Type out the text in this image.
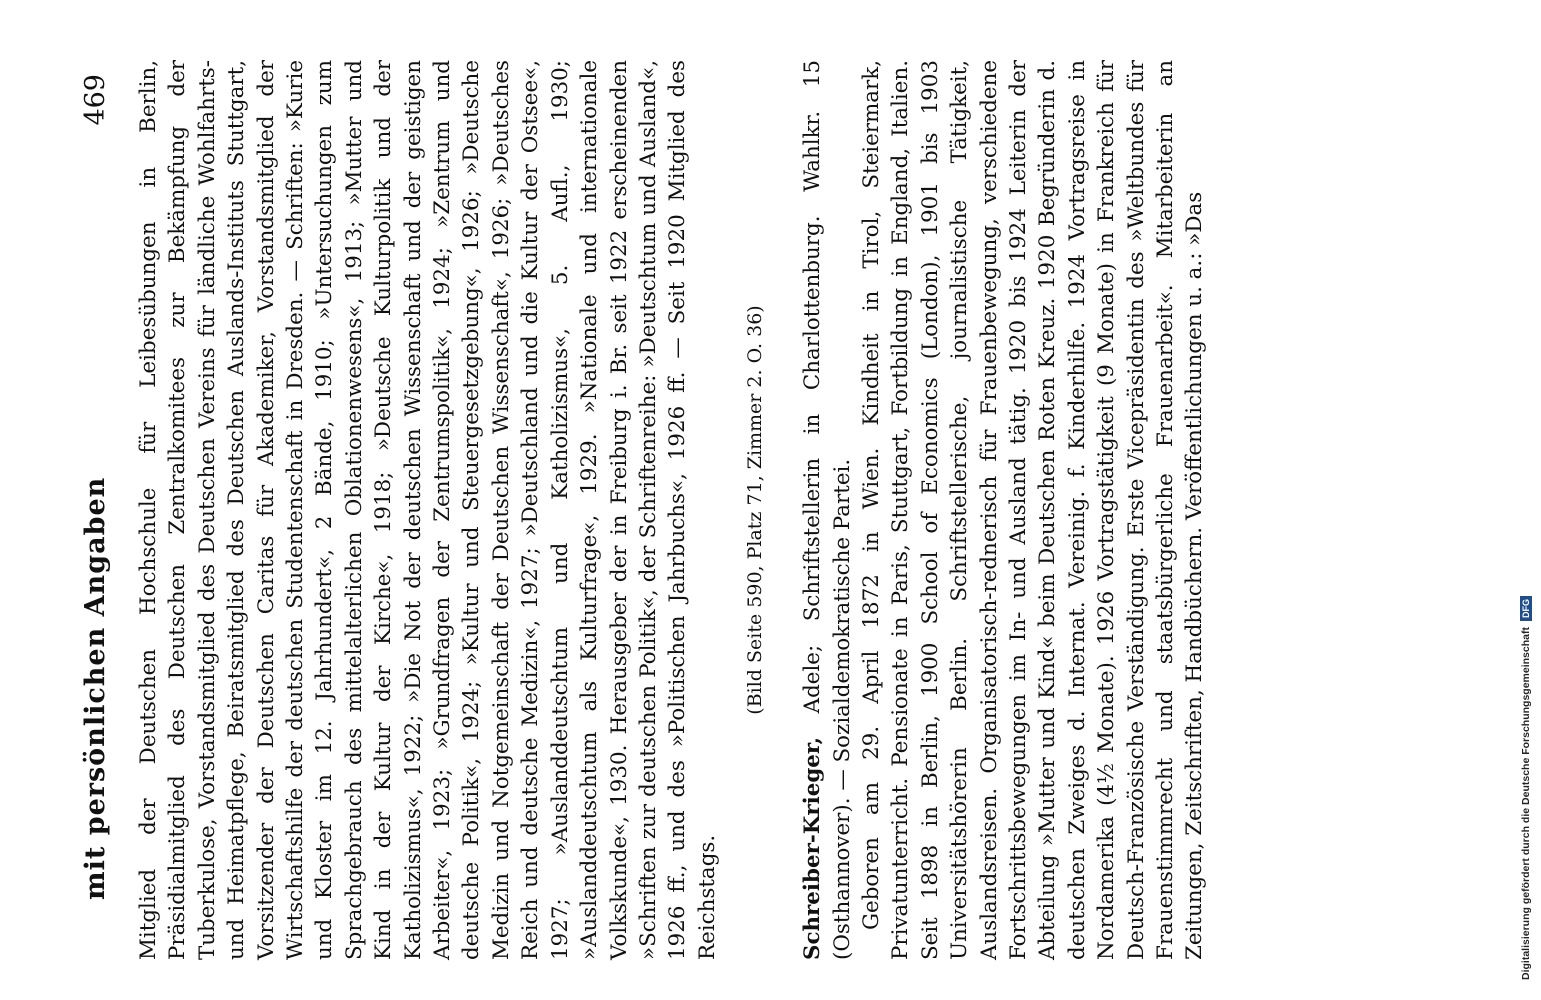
mit persönlichen Angaben
469 Mitglied der Deutschen Hochschule für Leibesübungen in Berlin, Präsidialmitglied des Deutschen Zentralkomitees zur Bekämpfung der Tuberkulose, Vorstandsmitglied des Deutschen Vereins für ländliche Wohlfahrts- und Heimatpflege, Beiratsmitglied des Deutschen Auslands-Instituts Stuttgart, Vorsitzender der Deutschen Caritas für Akademiker, Vorstandsmitglied der Wirtschaftshilfe der deutschen Studentenschaft in Dresden. — Schriften: »Kurie und Kloster im 12. Jahrhundert«, 2 Bände, 1910; »Untersuchungen zum Sprachgebrauch des mittelalterlichen Oblationenwesens«, 1913; »Mutter und Kind in der Kultur der Kirche«, 1918; »Deutsche Kulturpolitik und der Katholizismus«, 1922; »Die Not der deutschen Wissenschaft und der geistigen Arbeiter«, 1923; »Grundfragen der Zentrumspolitik«, 1924; »Zentrum und deutsche Politik«, 1924; »Kultur und Steuergesetzgebung«, 1926; »Deutsche Medizin und Notgemeinschaft der Deutschen Wissenschaft«, 1926; »Deutsches Reich und deutsche Medizin«, 1927; »Deutschland und die Kultur der Ostsee«, 1927; »Auslanddeutschtum und Katholizismus«, 5. Aufl., 1930; »Auslanddeutschtum als Kulturfrage«, 1929. »Nationale und internationale Volkskunde«, 1930. Herausgeber der in Freiburg i. Br. seit 1922 erscheinenden »Schriften zur deutschen Politik«, der Schriftenreihe: »Deutschtum und Ausland«, 1926 ff., und des »Politischen Jahrbuchs«, 1926 ff. — Seit 1920 Mitglied des Reichstags.

(Bild Seite 590, Platz 71, Zimmer 2. O. 36)

Schreiber-Krieger, Adele; Schriftstellerin in Charlottenburg. Wahlkr. 15 (Osthannover). — Sozialdemokratische Partei. Geboren am 29. April 1872 in Wien. Kindheit in Tirol, Steiermark, Privatunterricht. Pensionate in Paris, Stuttgart, Fortbildung in England, Italien. Seit 1898 in Berlin, 1900 School of Economics (London), 1901 bis 1903 Universitätshörerin Berlin. Schriftstellerische, journalistische Tätigkeit, Auslandsreisen. Organisatorisch-rednerisch für Frauenbewegung, verschiedene Fortschrittsbewegungen im In- und Ausland tätig. 1920 bis 1924 Leiterin der Abteilung »Mutter und Kind« beim Deutschen Roten Kreuz. 1920 Begründerin d. deutschen Zweiges d. Internat. Vereinig. f. Kinderhilfe. 1924 Vortragsreise in Nordamerika (4½ Monate). 1926 Vortragstätigkeit (9 Monate) in Frankreich für Deutsch-Französische Verständigung. Erste Vicepräsidentin des »Weltbundes für Frauenstimmrecht und staatsbürgerliche Frauenarbeit«. Mitarbeiterin an Zeitungen, Zeitschriften, Handbüchern. Veröffentlichungen u. a.: »Das	Digitalisierung gefördert durch die Deutsche ForschungsgemeinschaftDFG
